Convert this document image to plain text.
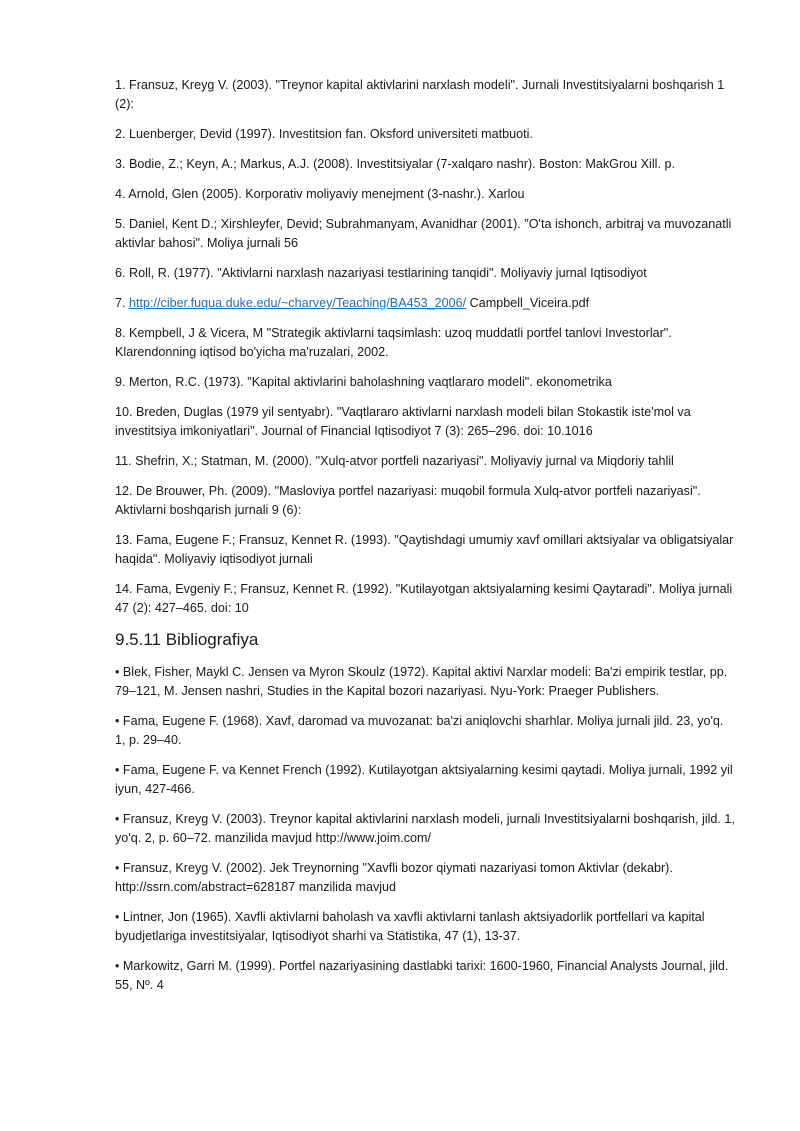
1. Fransuz, Kreyg V. (2003). "Treynor kapital aktivlarini narxlash modeli". Jurnali Investitsiyalarni boshqarish 1 (2):

2. Luenberger, Devid (1997). Investitsion fan. Oksford universiteti matbuoti.

3. Bodie, Z.; Keyn, A.; Markus, A.J. (2008). Investitsiyalar (7-xalqaro nashr). Boston: MakGrou Xill. p.

4. Arnold, Glen (2005). Korporativ moliyaviy menejment (3-nashr.). Xarlou

5. Daniel, Kent D.; Xirshleyfer, Devid; Subrahmanyam, Avanidhar (2001). "O'ta ishonch, arbitraj va muvozanatli aktivlar bahosi". Moliya jurnali 56

6. Roll, R. (1977). "Aktivlarni narxlash nazariyasi testlarining tanqidi". Moliyaviy jurnal Iqtisodiyot

7. http://ciber.fuqua.duke.edu/~charvey/Teaching/BA453_2006/ Campbell_Viceira.pdf

8. Kempbell, J & Vicera, M "Strategik aktivlarni taqsimlash: uzoq muddatli portfel tanlovi Investorlar". Klarendonning iqtisod bo'yicha ma'ruzalari, 2002.

9. Merton, R.C. (1973). "Kapital aktivlarini baholashning vaqtlararo modeli". ekonometrika

10. Breden, Duglas (1979 yil sentyabr). "Vaqtlararo aktivlarni narxlash modeli bilan Stokastik iste'mol va investitsiya imkoniyatlari". Journal of Financial Iqtisodiyot 7 (3): 265–296. doi: 10.1016

11. Shefrin, X.; Statman, M. (2000). "Xulq-atvor portfeli nazariyasi". Moliyaviy jurnal va Miqdoriy tahlil

12. De Brouwer, Ph. (2009). "Masloviya portfel nazariyasi: muqobil formula Xulq-atvor portfeli nazariyasi". Aktivlarni boshqarish jurnali 9 (6):

13. Fama, Eugene F.; Fransuz, Kennet R. (1993). "Qaytishdagi umumiy xavf omillari aktsiyalar va obligatsiyalar haqida". Moliyaviy iqtisodiyot jurnali

14. Fama, Evgeniy F.; Fransuz, Kennet R. (1992). "Kutilayotgan aktsiyalarning kesimi Qaytaradi". Moliya jurnali 47 (2): 427–465. doi: 10

9.5.11 Bibliografiya

• Blek, Fisher, Maykl C. Jensen va Myron Skoulz (1972). Kapital aktivi Narxlar modeli: Ba'zi empirik testlar, pp. 79–121, M. Jensen nashri, Studies in the Kapital bozori nazariyasi. Nyu-York: Praeger Publishers.

• Fama, Eugene F. (1968). Xavf, daromad va muvozanat: ba'zi aniqlovchi sharhlar. Moliya jurnali jild. 23, yo'q. 1, p. 29–40.

• Fama, Eugene F. va Kennet French (1992). Kutilayotgan aktsiyalarning kesimi qaytadi. Moliya jurnali, 1992 yil iyun, 427-466.

• Fransuz, Kreyg V. (2003). Treynor kapital aktivlarini narxlash modeli, jurnali Investitsiyalarni boshqarish, jild. 1, yo'q. 2, p. 60–72. manzilida mavjud http://www.joim.com/

• Fransuz, Kreyg V. (2002). Jek Treynorning "Xavfli bozor qiymati nazariyasi tomon Aktivlar (dekabr). http://ssrn.com/abstract=628187 manzilida mavjud

• Lintner, Jon (1965). Xavfli aktivlarni baholash va xavfli aktivlarni tanlash aktsiyadorlik portfellari va kapital byudjetlariga investitsiyalar, Iqtisodiyot sharhi va Statistika, 47 (1), 13-37.

• Markowitz, Garri M. (1999). Portfel nazariyasining dastlabki tarixi: 1600-1960, Financial Analysts Journal, jild. 55, Nº. 4
